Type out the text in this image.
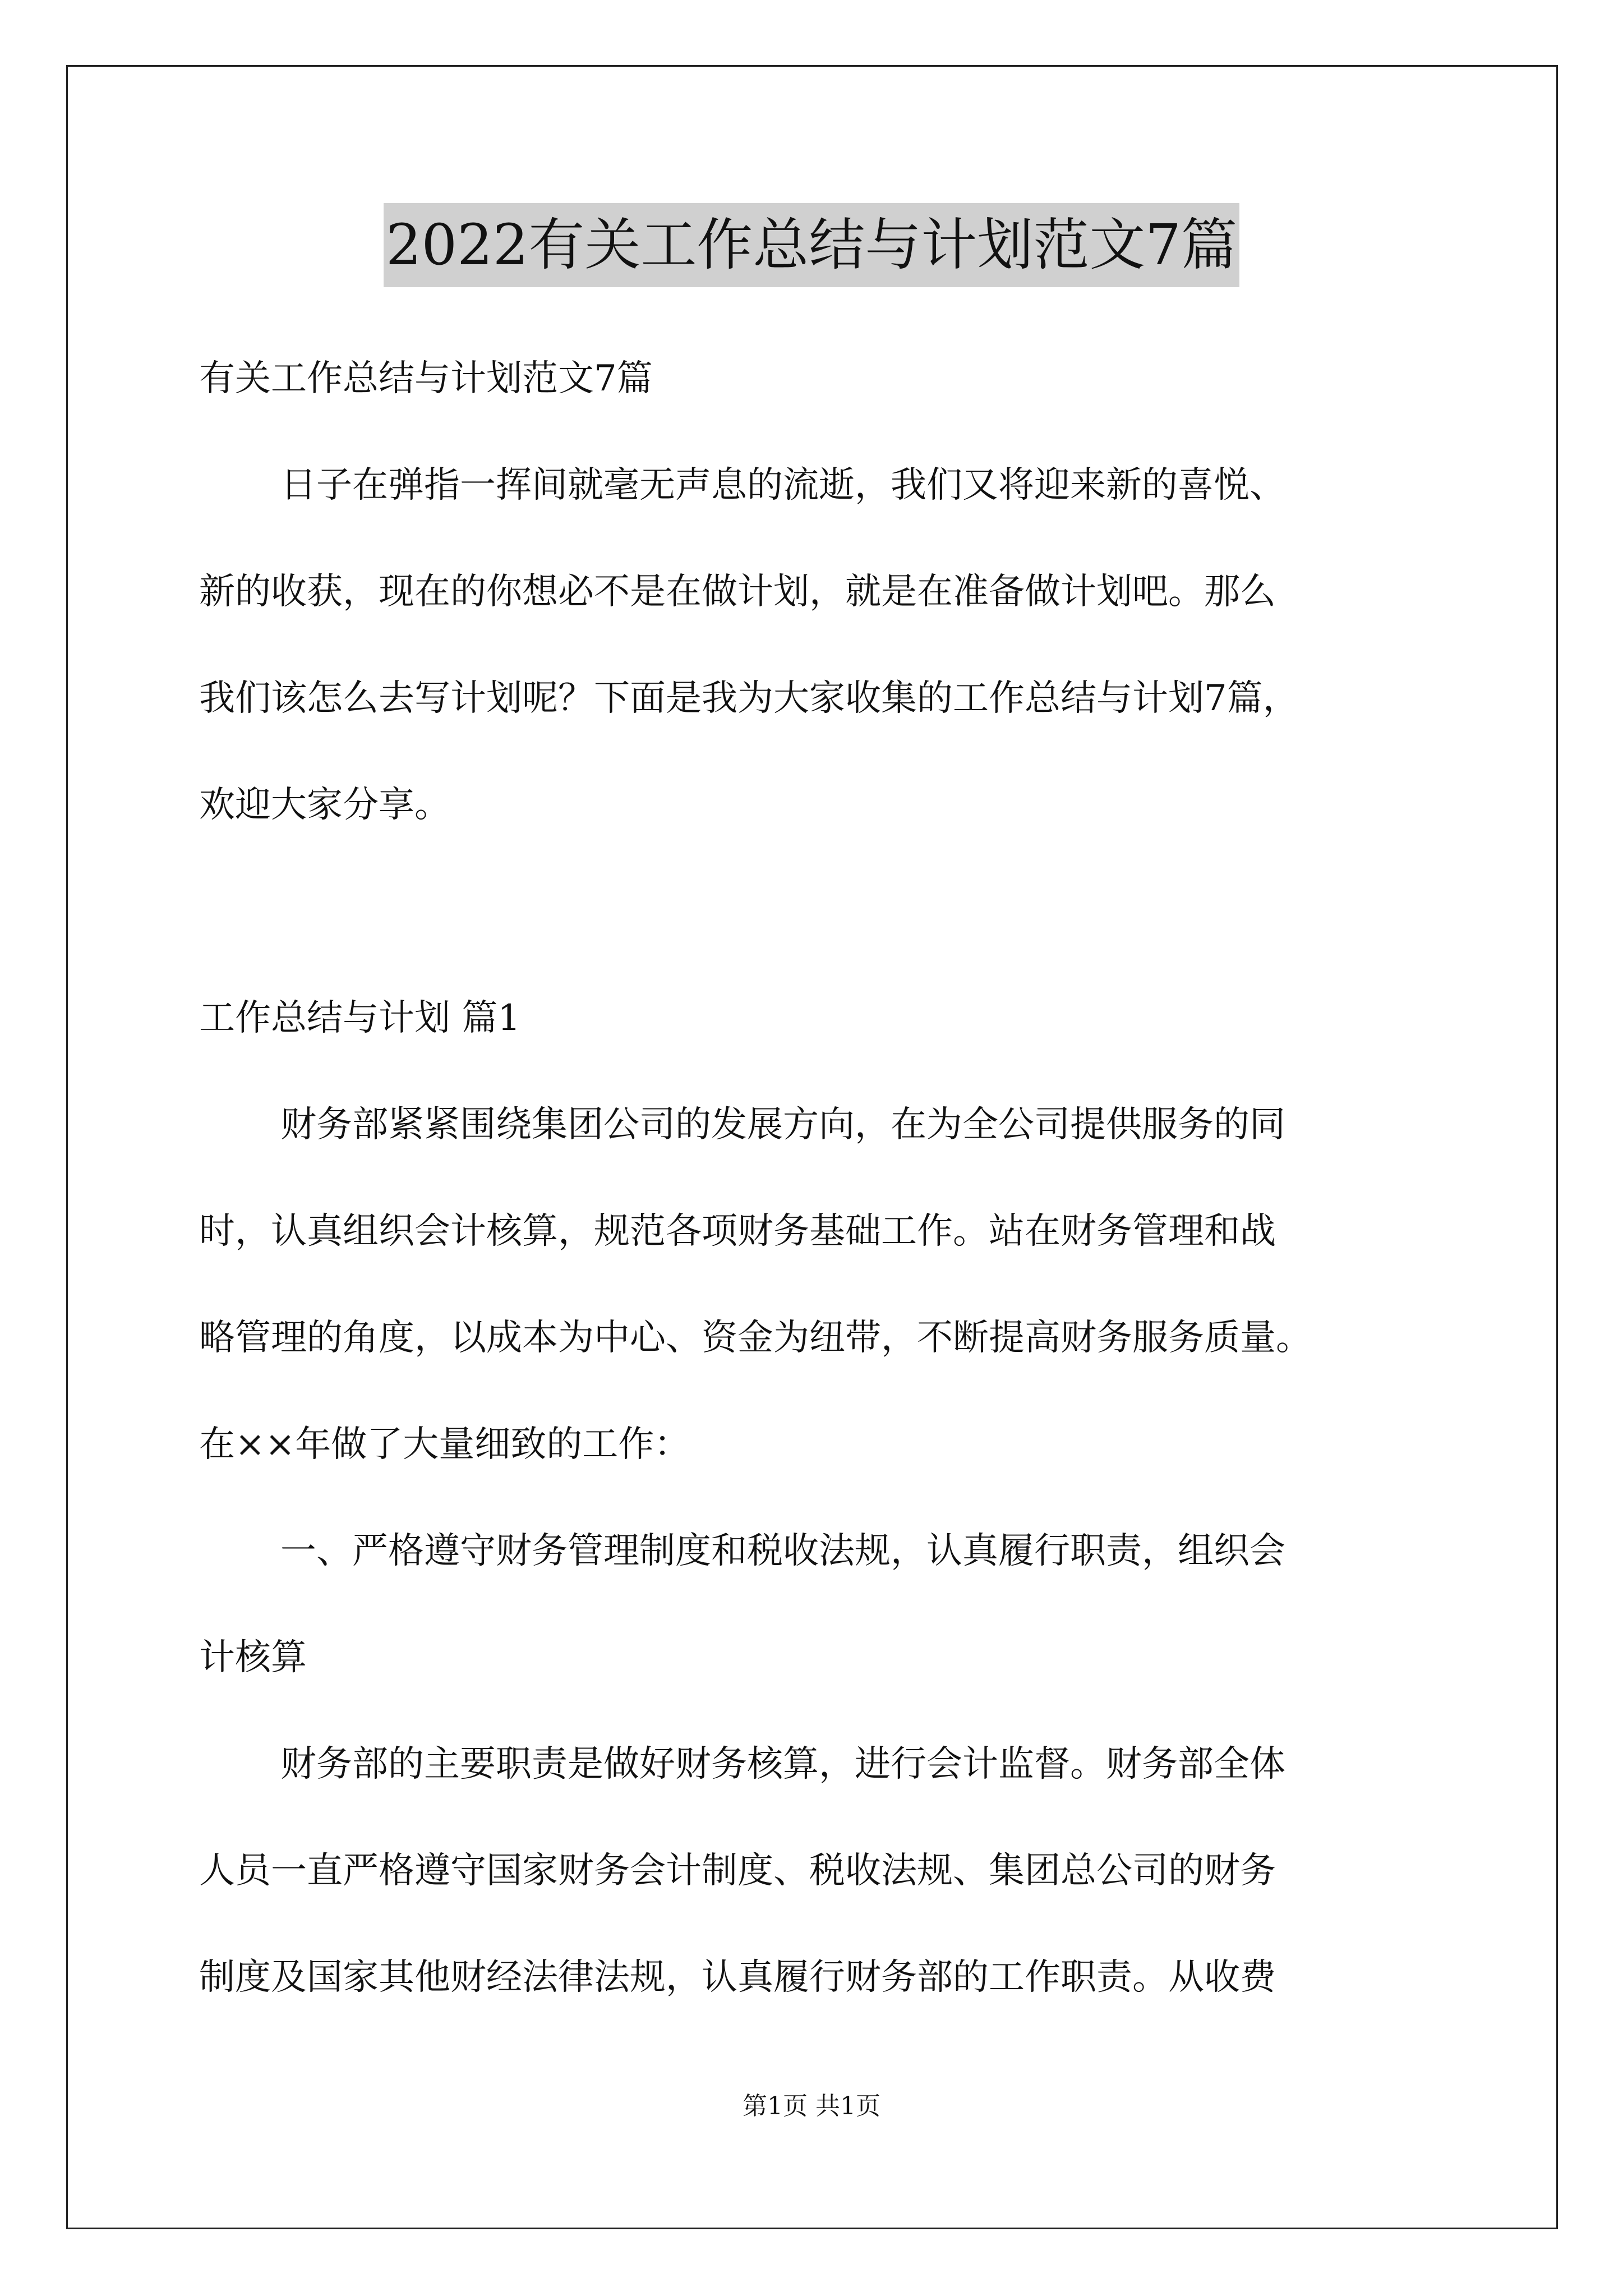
2022有关工作总结与计划范文7篇
有关工作总结与计划范文7篇
日子在弹指一挥间就毫无声息的流逝，我们又将迎来新的喜悦、
新的收获，现在的你想必不是在做计划，就是在准备做计划吧。那么
我们该怎么去写计划呢？下面是我为大家收集的工作总结与计划7篇，
欢迎大家分享。
工作总结与计划 篇1
财务部紧紧围绕集团公司的发展方向，在为全公司提供服务的同
时，认真组织会计核算，规范各项财务基础工作。站在财务管理和战
略管理的角度，以成本为中心、资金为纽带，不断提高财务服务质量。
在××年做了大量细致的工作：
一、严格遵守财务管理制度和税收法规，认真履行职责，组织会
计核算
财务部的主要职责是做好财务核算，进行会计监督。财务部全体
人员一直严格遵守国家财务会计制度、税收法规、集团总公司的财务
制度及国家其他财经法律法规，认真履行财务部的工作职责。从收费
第1页 共1页
